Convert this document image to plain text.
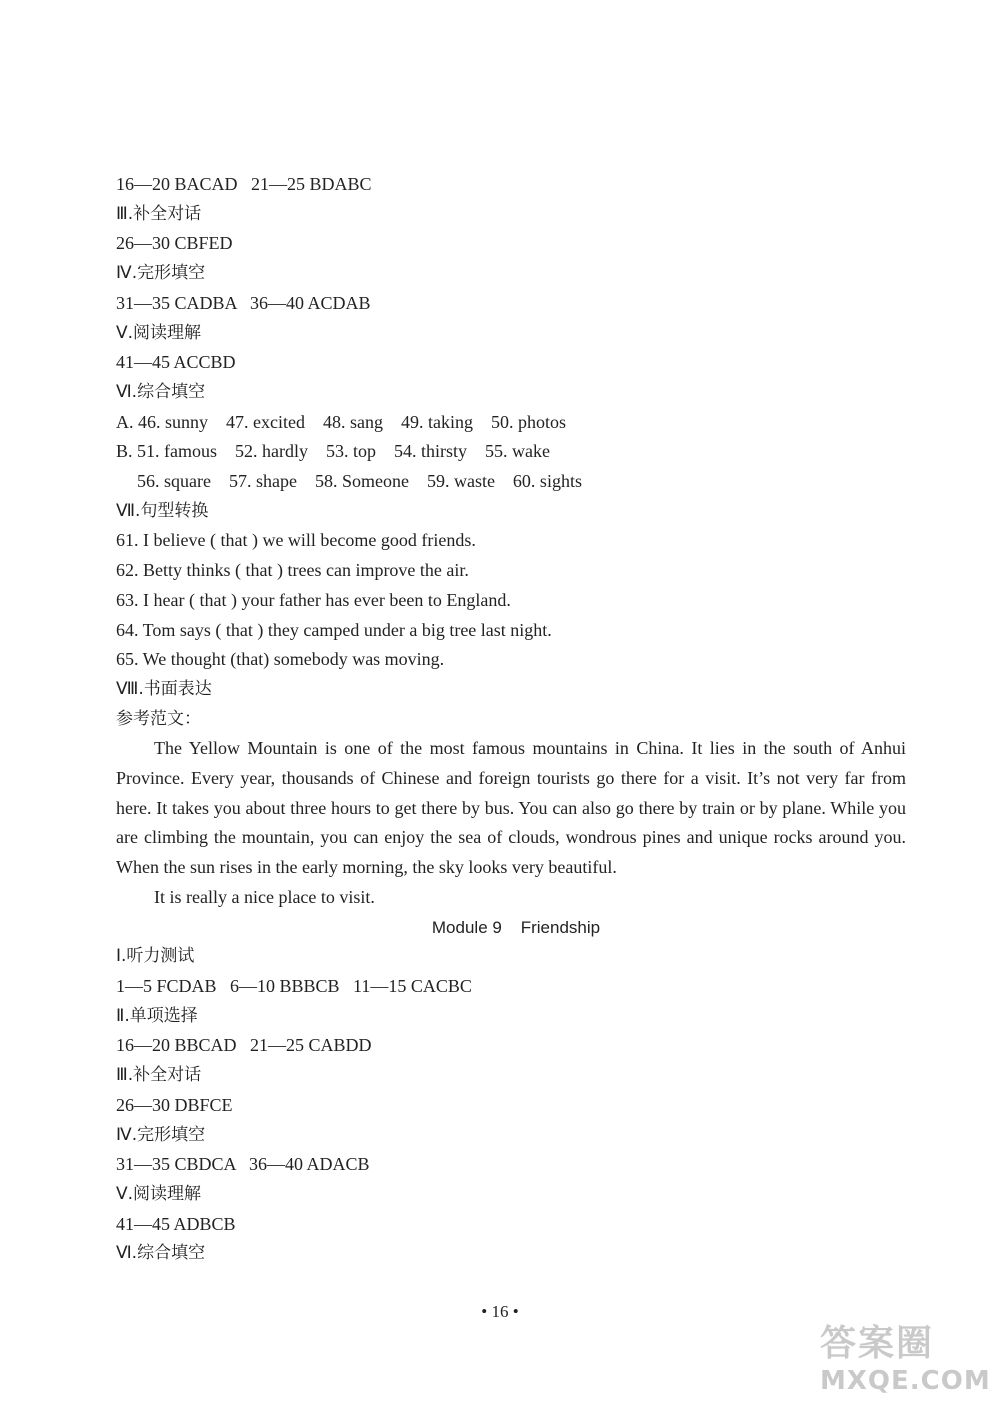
16—20 BACAD   21—25 BDABC
Ⅲ.补全对话
26—30 CBFED
Ⅳ.完形填空
31—35 CADBA   36—40 ACDAB
Ⅴ.阅读理解
41—45 ACCBD
Ⅵ.综合填空
A. 46. sunny    47. excited    48. sang    49. taking    50. photos
B. 51. famous    52. hardly    53. top    54. thirsty    55. wake
56. square    57. shape    58. Someone    59. waste    60. sights
Ⅶ.句型转换
61. I believe ( that ) we will become good friends.
62. Betty thinks ( that ) trees can improve the air.
63. I hear ( that ) your father has ever been to England.
64. Tom says ( that ) they camped under a big tree last night.
65. We thought (that) somebody was moving.
Ⅷ.书面表达
参考范文：
The Yellow Mountain is one of the most famous mountains in China. It lies in the south of Anhui Province. Every year, thousands of Chinese and foreign tourists go there for a visit. It’s not very far from here. It takes you about three hours to get there by bus. You can also go there by train or by plane. While you are climbing the mountain, you can enjoy the sea of clouds, wondrous pines and unique rocks around you. When the sun rises in the early morning, the sky looks very beautiful.
It is really a nice place to visit.
Module 9    Friendship
Ⅰ.听力测试
1—5 FCDAB   6—10 BBBCB   11—15 CACBC
Ⅱ.单项选择
16—20 BBCAD   21—25 CABDD
Ⅲ.补全对话
26—30 DBFCE
Ⅳ.完形填空
31—35 CBDCA   36—40 ADACB
Ⅴ.阅读理解
41—45 ADBCB
Ⅵ.综合填空
• 16 •
答案圈
MXQE.COM
